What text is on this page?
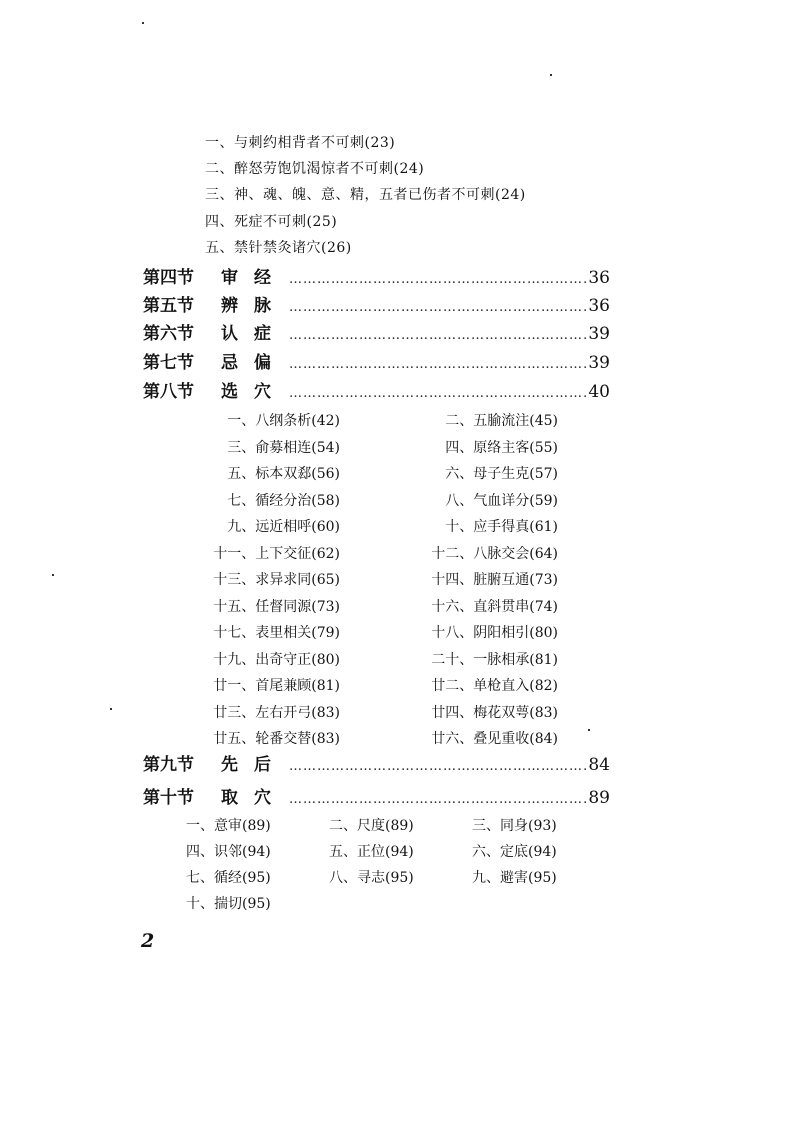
一、与刺约相背者不可刺(23)
二、醉怒劳饱饥渴惊者不可刺(24)
三、神、魂、魄、意、精，五者已伤者不可刺(24)
四、死症不可刺(25)
五、禁针禁灸诸穴(26)
第四节	审经 …………………………………………………………………………………………………………	36
第五节	辨脉 …………………………………………………………………………………………………………	36
第六节	认症 …………………………………………………………………………………………………………	39
第七节	忌偏 …………………………………………………………………………………………………………	39
第八节	选穴 …………………………………………………………………………………………………………	40
一、八纲条析(42)	二、五腧流注(45)
三、俞募相连(54)	四、原络主客(55)
五、标本双郄(56)	六、母子生克(57)
七、循经分治(58)	八、气血详分(59)
九、远近相呼(60)	十、应手得真(61)
十一、上下交征(62)	十二、八脉交会(64)
十三、求异求同(65)	十四、脏腑互通(73)
十五、任督同源(73)	十六、直斜贯串(74)
十七、表里相关(79)	十八、阴阳相引(80)
十九、出奇守正(80)	二十、一脉相承(81)
廿一、首尾兼顾(81)	廿二、单枪直入(82)
廿三、左右开弓(83)	廿四、梅花双萼(83)
廿五、轮番交替(83)	廿六、叠见重收(84)
第九节	先后 …………………………………………………………………………………………………………	84
第十节	取穴 …………………………………………………………………………………………………………	89
一、意审(89)	二、尺度(89)	三、同身(93)
四、识邻(94)	五、正位(94)	六、定底(94)
七、循经(95)	八、寻志(95)	九、避害(95)
十、揣切(95)
2
